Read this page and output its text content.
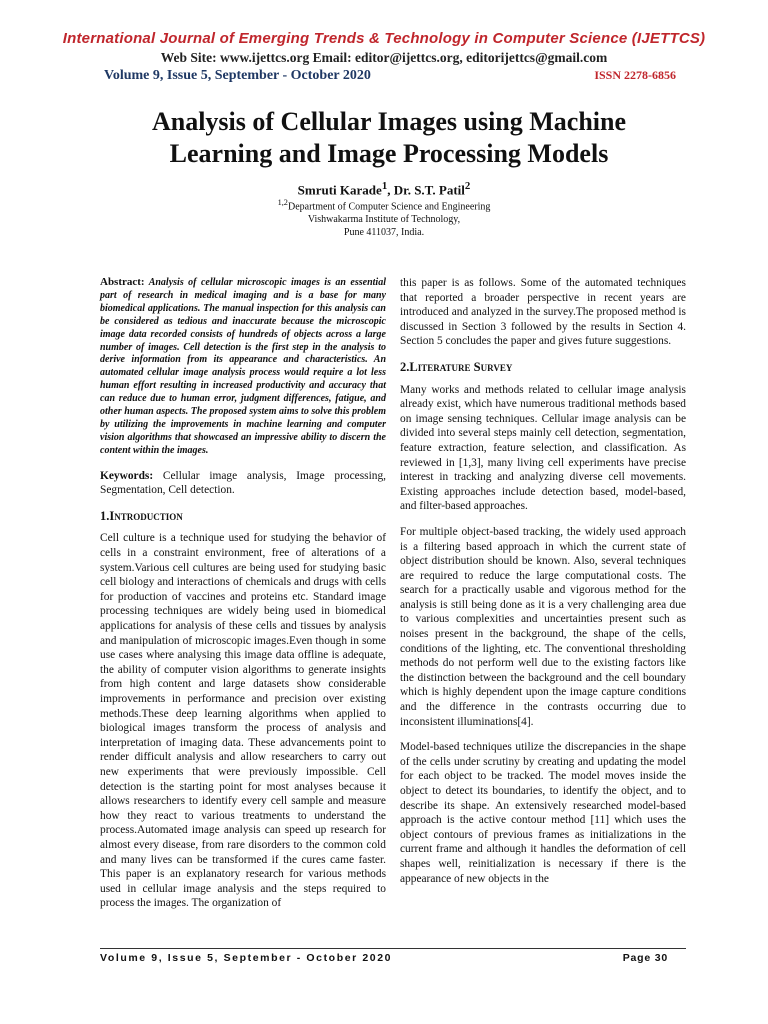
International Journal of Emerging Trends & Technology in Computer Science (IJETTCS)
Web Site: www.ijettcs.org Email: editor@ijettcs.org, editorijettcs@gmail.com
Volume 9, Issue 5, September - October 2020	ISSN 2278-6856
Analysis of Cellular Images using Machine Learning and Image Processing Models
Smruti Karade$^1$, Dr. S.T. Patil$^2$
$^{1,2}$Department of Computer Science and Engineering
Vishwakarma Institute of Technology,
Pune 411037, India.

Abstract: Analysis of cellular microscopic images is an essential part of research in medical imaging and is a base for many biomedical applications. The manual inspection for this analysis can be considered as tedious and inaccurate because the microscopic image data recorded consists of hundreds of objects across a large number of images. Cell detection is the first step in the analysis to derive information from its appearance and characteristics. An automated cellular image analysis process would require a lot less human effort resulting in increased productivity and accuracy that can reduce due to human error, judgment differences, fatigue, and other human aspects. The proposed system aims to solve this problem by utilizing the improvements in machine learning and computer vision algorithms that showcased an impressive ability to discern the content within the images.

Keywords: Cellular image analysis, Image processing, Segmentation, Cell detection.

1.Introduction

Cell culture is a technique used for studying the behavior of cells in a constraint environment, free of alterations of a system.Various cell cultures are being used for studying basic cell biology and interactions of chemicals and drugs with cells for production of vaccines and proteins etc. Standard image processing techniques are widely being used in biomedical applications for analysis of these cells and tissues by analysis and manipulation of microscopic images.Even though in some use cases where analysing this image data offline is adequate, the ability of computer vision algorithms to generate insights from high content and large datasets show considerable improvements in performance and precision over existing methods.These deep learning algorithms when applied to biological images transform the process of analysis and interpretation of imaging data. These advancements point to render difficult analysis and allow researchers to carry out new experiments that were previously impossible. Cell detection is the starting point for most analyses because it allows researchers to identify every cell sample and measure how they react to various treatments to understand the process.Automated image analysis can speed up research for almost every disease, from rare disorders to the common cold and many lives can be transformed if the cures came faster. This paper is an explanatory research for various methods used in cellular image analysis and the steps required to process the images. The organization of

this paper is as follows. Some of the automated techniques that reported a broader perspective in recent years are introduced and analyzed in the survey.The proposed method is discussed in Section 3 followed by the results in Section 4. Section 5 concludes the paper and gives future suggestions.

2.Literature Survey

Many works and methods related to cellular image analysis already exist, which have numerous traditional methods based on image sensing techniques. Cellular image analysis can be divided into several steps mainly cell detection, segmentation, feature extraction, feature selection, and classification. As reviewed in [1,3], many living cell experiments have precise interest in tracking and analyzing diverse cell movements. Existing approaches include detection based, model-based, and filter-based approaches.

For multiple object-based tracking, the widely used approach is a filtering based approach in which the current state of object distribution should be known. Also, several techniques are required to reduce the large computational costs. The search for a practically usable and vigorous method for the analysis is still being done as it is a very challenging area due to various complexities and uncertainties present such as noises present in the background, the shape of the cells, conditions of the lighting, etc. The conventional thresholding methods do not perform well due to the existing factors like the distinction between the background and the cell boundary which is highly dependent upon the image capture conditions and the difference in the contrasts occurring due to inconsistent illuminations[4].

Model-based techniques utilize the discrepancies in the shape of the cells under scrutiny by creating and updating the model for each object to be tracked. The model moves inside the object to detect its boundaries, to identify the object, and to describe its shape. An extensively researched model-based approach is the active contour method [11] which uses the object contours of previous frames as initializations in the current frame and although it handles the deformation of cell shapes well, reinitialization is necessary if there is the appearance of new objects in the

Volume 9, Issue 5, September - October 2020	Page 30
